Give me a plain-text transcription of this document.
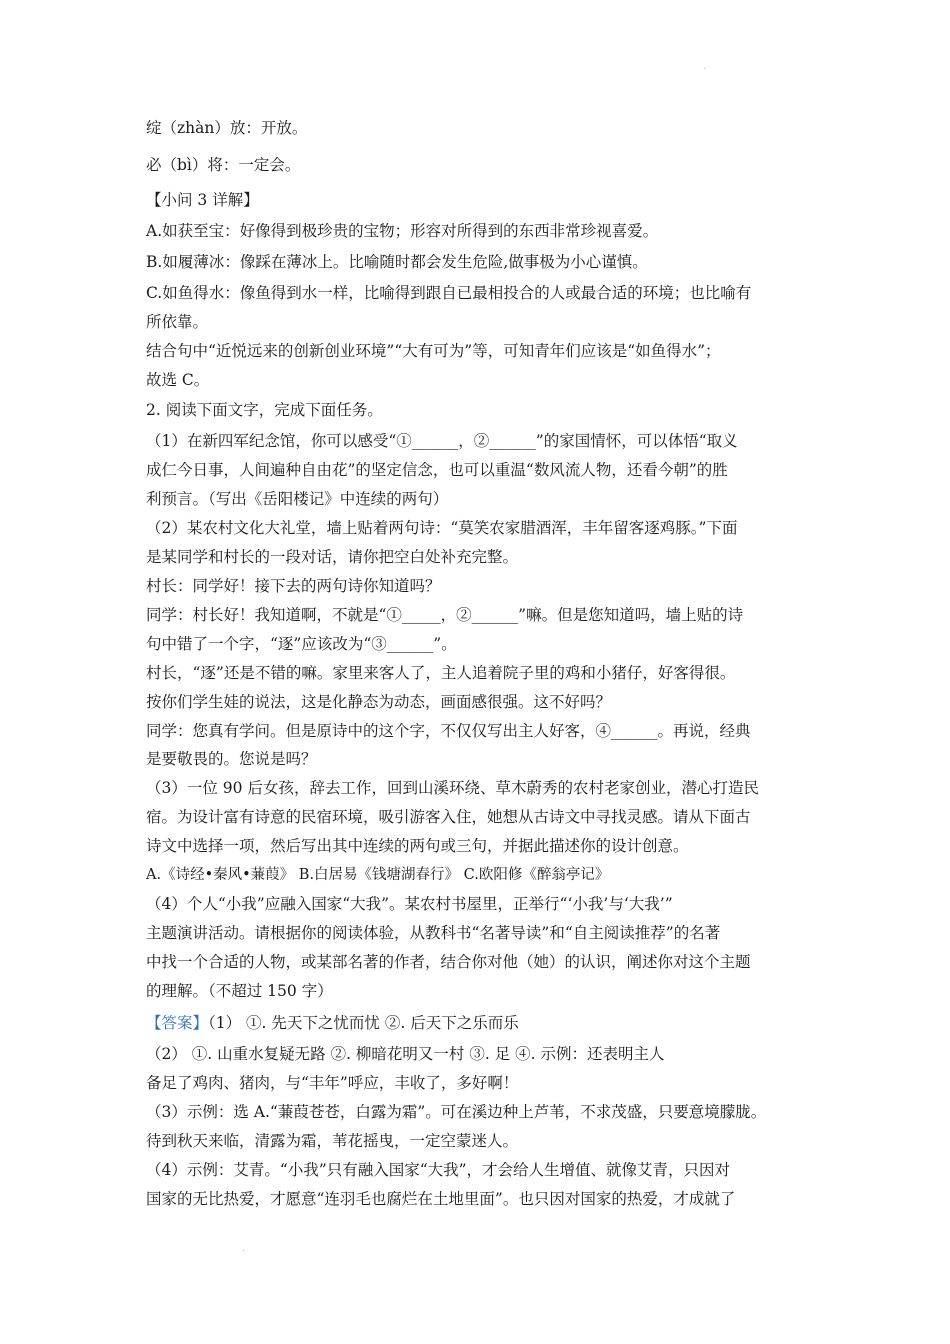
绽（zhàn）放：开放。
必（bì）将：一定会。
【小问 3 详解】
A.如获至宝：好像得到极珍贵的宝物；形容对所得到的东西非常珍视喜爱。
B.如履薄冰：像踩在薄冰上。比喻随时都会发生危险,做事极为小心谨慎。
C.如鱼得水：像鱼得到水一样，比喻得到跟自已最相投合的人或最合适的环境；也比喻有
所依靠。
结合句中“近悦远来的创新创业环境”“大有可为”等，可知青年们应该是“如鱼得水”；
故选 C。
2. 阅读下面文字，完成下面任务。
（1）在新四军纪念馆，你可以感受“①______，②______”的家国情怀，可以体悟“取义
成仁今日事，人间遍种自由花”的坚定信念，也可以重温“数风流人物，还看今朝”的胜
利预言。（写出《岳阳楼记》中连续的两句）
（2）某农村文化大礼堂，墙上贴着两句诗：“莫笑农家腊酒浑，丰年留客逐鸡豚。”下面
是某同学和村长的一段对话，请你把空白处补充完整。
村长：同学好！接下去的两句诗你知道吗？
同学：村长好！我知道啊，不就是“①_____，②______”嘛。但是您知道吗，墙上贴的诗
句中错了一个字，“逐”应该改为“③______”。
村长，“逐”还是不错的嘛。家里来客人了，主人追着院子里的鸡和小猪仔，好客得很。
按你们学生娃的说法，这是化静态为动态，画面感很强。这不好吗？
同学：您真有学问。但是原诗中的这个字，不仅仅写出主人好客，④______。再说，经典
是要敬畏的。您说是吗？
（3）一位 90 后女孩，辞去工作，回到山溪环绕、草木蔚秀的农村老家创业，潜心打造民
宿。为设计富有诗意的民宿环境，吸引游客入住，她想从古诗文中寻找灵感。请从下面古
诗文中选择一项，然后写出其中连续的两句或三句，并据此描述你的设计创意。
A.《诗经•秦风•蒹葭》 B.白居易《钱塘湖春行》 C.欧阳修《醉翁亭记》
（4）个人“小我”应融入国家“大我”。某农村书屋里，正举行“‘小我’与‘大我’”
主题演讲活动。请根据你的阅读体验，从教科书“名著导读”和“自主阅读推荐”的名著
中找一个合适的人物，或某部名著的作者，结合你对他（她）的认识，阐述你对这个主题
的理解。（不超过 150 字）
【答案】（1） ①. 先天下之忧而忧 ②. 后天下之乐而乐
（2） ①. 山重水复疑无路 ②. 柳暗花明又一村 ③. 足 ④. 示例：还表明主人
备足了鸡肉、猪肉，与“丰年”呼应，丰收了，多好啊！
（3）示例：选 A.“蒹葭苍苍，白露为霜”。可在溪边种上芦苇，不求茂盛，只要意境朦胧。
待到秋天来临，清露为霜，苇花摇曳，一定空蒙迷人。
（4）示例：艾青。“小我”只有融入国家“大我”，才会给人生增值、就像艾青，只因对
国家的无比热爱，才愿意“连羽毛也腐烂在土地里面”。也只因对国家的热爱，才成就了
·
·
